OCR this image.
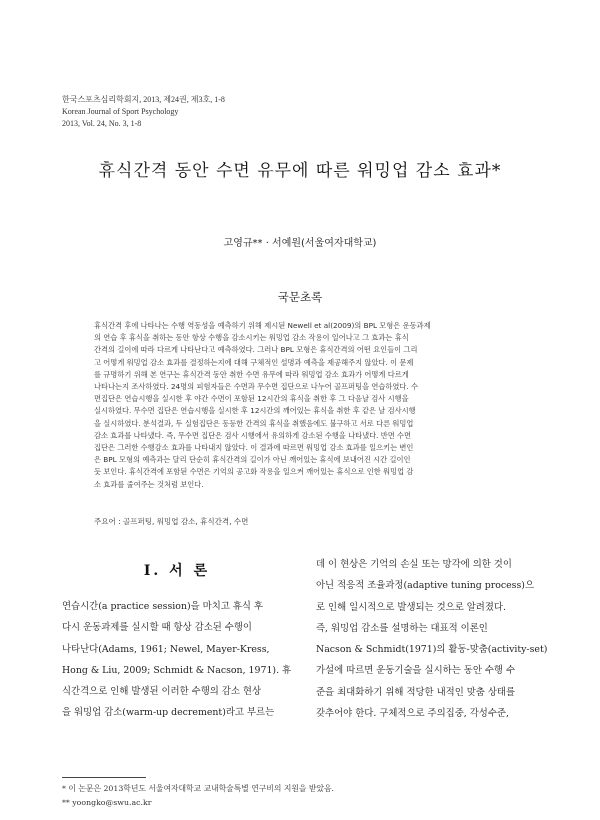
한국스포츠심리학회지, 2013, 제24권, 제3호, 1-8
Korean Journal of Sport Psychology
2013, Vol. 24, No. 3, 1-8
휴식간격 동안 수면 유무에 따른 워밍업 감소 효과*
고영규** · 서예원(서울여자대학교)
국문초록
휴식간격 후에 나타나는 수행 역동성을 예측하기 위해 제시된 Newell et al(2009)의 BPL 모형은 운동과제
의 연습 후 휴식을 취하는 동안 항상 수행을 감소시키는 워밍업 감소 작용이 일어나고 그 효과는 휴식
간격의 길이에 따라 다르게 나타난다고 예측하였다. 그러나 BPL 모형은 휴식간격의 어떤 요인들이 그리
고 어떻게 워밍업 감소 효과를 결정하는지에 대해 구체적인 설명과 예측을 제공해주지 않았다. 이 문제
를 규명하기 위해 본 연구는 휴식간격 동안 취한 수면 유무에 따라 워밍업 감소 효과가 어떻게 다르게
나타나는지 조사하였다. 24명의 피험자들은 수면과 무수면 집단으로 나누어 골프퍼팅을 연습하였다. 수
면집단은 연습시행을 실시한 후 야간 수면이 포함된 12시간의 휴식을 취한 후 그 다음날 검사 시행을
실시하였다. 무수면 집단은 연습시행을 실시한 후 12시간의 깨어있는 휴식을 취한 후 같은 날 검사시행
을 실시하였다. 분석결과, 두 실험집단은 동등한 간격의 휴식을 취했음에도 불구하고 서로 다른 워밍업
감소 효과를 나타냈다. 즉, 무수면 집단은 검사 시행에서 유의하게 감소된 수행을 나타냈다. 반면 수면
집단은 그러한 수행감소 효과를 나타내지 않았다. 이 결과에 따르면 워밍업 감소 효과를 일으키는 변인
은 BPL 모형의 예측과는 달리 단순히 휴식간격의 길이가 아닌 깨어있는 휴식에 보내어진 시간 길이인
듯 보인다. 휴식간격에 포함된 수면은 기억의 공고화 작용을 일으켜 깨어있는 휴식으로 인한 워밍업 감
소 효과를 줄여주는 것처럼 보인다.
주요어 : 골프퍼팅, 워밍업 감소, 휴식간격, 수면
I. 서 론
연습시간(a practice session)을 마치고 휴식 후
다시 운동과제를 실시할 때 항상 감소된 수행이
나타난다(Adams, 1961; Newel, Mayer-Kress,
Hong & Liu, 2009; Schmidt & Nacson, 1971). 휴
식간격으로 인해 발생된 이러한 수행의 감소 현상
을 워밍업 감소(warm-up decrement)라고 부르는
데 이 현상은 기억의 손실 또는 망각에 의한 것이
아닌 적응적 조율과정(adaptive tuning process)으
로 인해 일시적으로 발생되는 것으로 알려졌다.
즉, 워밍업 감소를 설명하는 대표적 이론인
Nacson & Schmidt(1971)의 활동-맞춤(activity-set)
가설에 따르면 운동기술을 실시하는 동안 수행 수
준을 최대화하기 위해 적당한 내적인 맞춤 상태를
갖추어야 한다. 구체적으로 주의집중, 각성수준,
* 이 논문은 2013학년도 서울여자대학교 교내학술특별 연구비의 지원을 받았음.
** yoongko@swu.ac.kr
